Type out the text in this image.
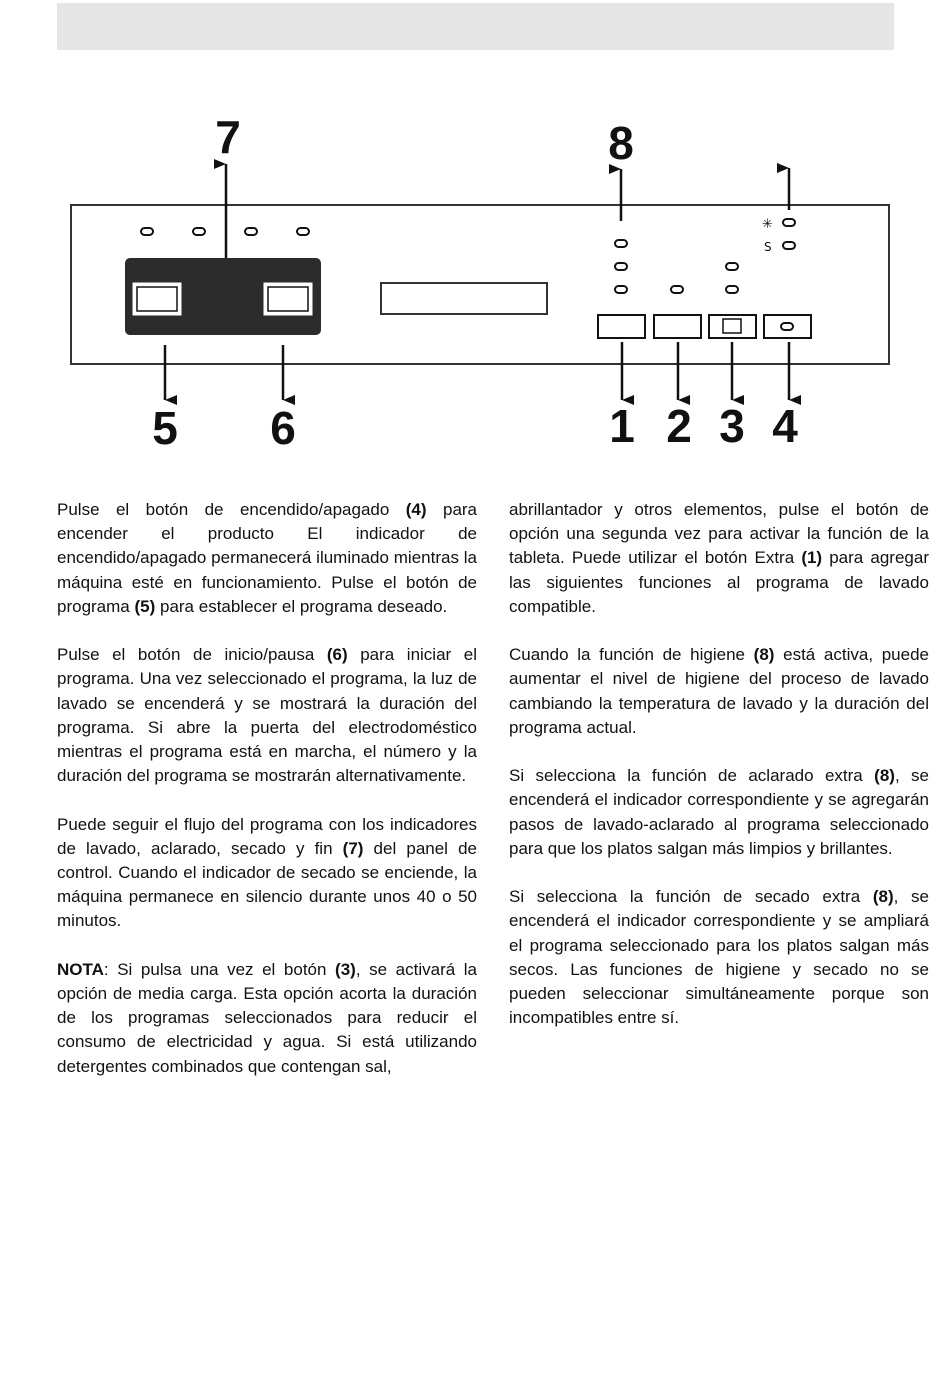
✳
S
7	8
5 6	1 2 3 4

Pulse el botón de encendido/apagado (4) para encender el producto El indicador de encendido/apagado permanecerá iluminado mientras la máquina esté en funcionamiento. Pulse el botón de programa (5) para establecer el programa deseado.

Pulse el botón de inicio/pausa (6) para iniciar el programa. Una vez seleccionado el programa, la luz de lavado se encenderá y se mostrará la duración del programa. Si abre la puerta del electrodoméstico mientras el programa está en marcha, el número y la duración del programa se mostrarán alternativamente.

Puede seguir el flujo del programa con los indicadores de lavado, aclarado, secado y fin (7) del panel de control. Cuando el indicador de secado se enciende, la máquina permanece en silencio durante unos 40 o 50 minutos.

NOTA: Si pulsa una vez el botón (3), se activará la opción de media carga. Esta opción acorta la duración de los programas seleccionados para reducir el consumo de electricidad y agua. Si está utilizando detergentes combinados que contengan sal,

abrillantador y otros elementos, pulse el botón de opción una segunda vez para activar la función de la tableta. Puede utilizar el botón Extra (1) para agregar las siguientes funciones al programa de lavado compatible.

Cuando la función de higiene (8) está activa, puede aumentar el nivel de higiene del proceso de lavado cambiando la temperatura de lavado y la duración del programa actual.

Si selecciona la función de aclarado extra (8), se encenderá el indicador correspondiente y se agregarán pasos de lavado-aclarado al programa seleccionado para que los platos salgan más limpios y brillantes.

Si selecciona la función de secado extra (8), se encenderá el indicador correspondiente y se ampliará el programa seleccionado para los platos salgan más secos. Las funciones de higiene y secado no se pueden seleccionar simultáneamente porque son incompatibles entre sí.
